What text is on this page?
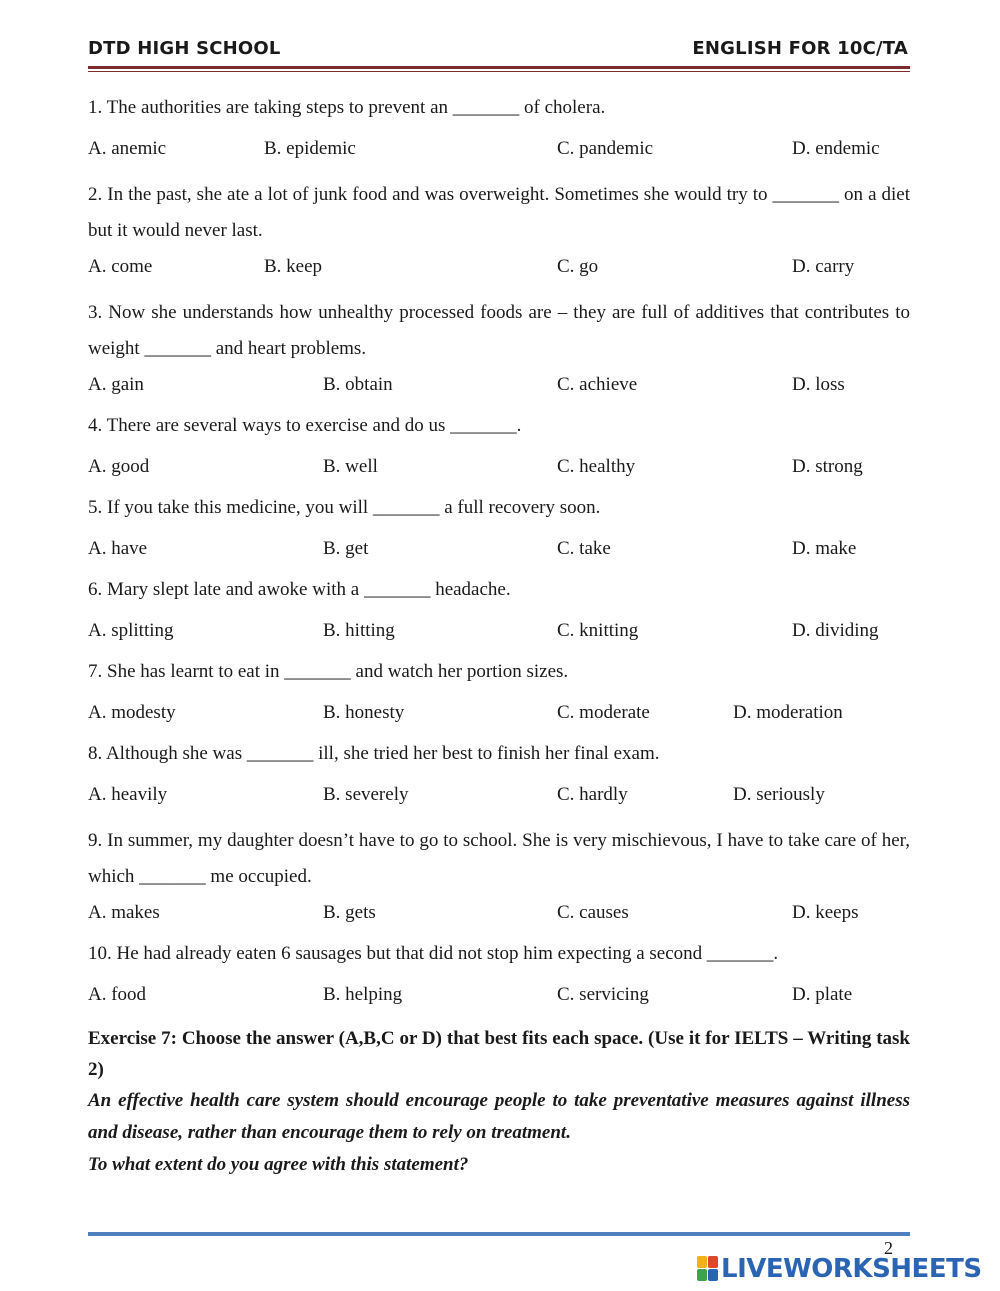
DTD HIGH SCHOOL	ENGLISH FOR 10C/TA
1. The authorities are taking steps to prevent an _______ of cholera.
A. anemic	B. epidemic	C. pandemic	D. endemic
2. In the past, she ate a lot of junk food and was overweight. Sometimes she would try to _______ on a diet but it would never last.
A. come	B. keep	C. go	D. carry
3. Now she understands how unhealthy processed foods are – they are full of additives that contributes to weight _______ and heart problems.
A. gain	B. obtain	C. achieve	D. loss
4. There are several ways to exercise and do us _______.
A. good	B. well	C. healthy	D. strong
5. If you take this medicine, you will _______ a full recovery soon.
A. have	B. get	C. take	D. make
6. Mary slept late and awoke with a _______ headache.
A. splitting	B. hitting	C. knitting	D. dividing
7. She has learnt to eat in _______ and watch her portion sizes.
A. modesty	B. honesty	C. moderate	D. moderation
8. Although she was _______ ill, she tried her best to finish her final exam.
A. heavily	B. severely	C. hardly	D. seriously
9. In summer, my daughter doesn’t have to go to school. She is very mischievous, I have to take care of her, which _______ me occupied.
A. makes	B. gets	C. causes	D. keeps
10. He had already eaten 6 sausages but that did not stop him expecting a second _______.
A. food	B. helping	C. servicing	D. plate
Exercise 7: Choose the answer (A,B,C or D) that best fits each space. (Use it for IELTS – Writing task 2)
An effective health care system should encourage people to take preventative measures against illness and disease, rather than encourage them to rely on treatment.
To what extent do you agree with this statement?
2
LIVEWORKSHEETS
